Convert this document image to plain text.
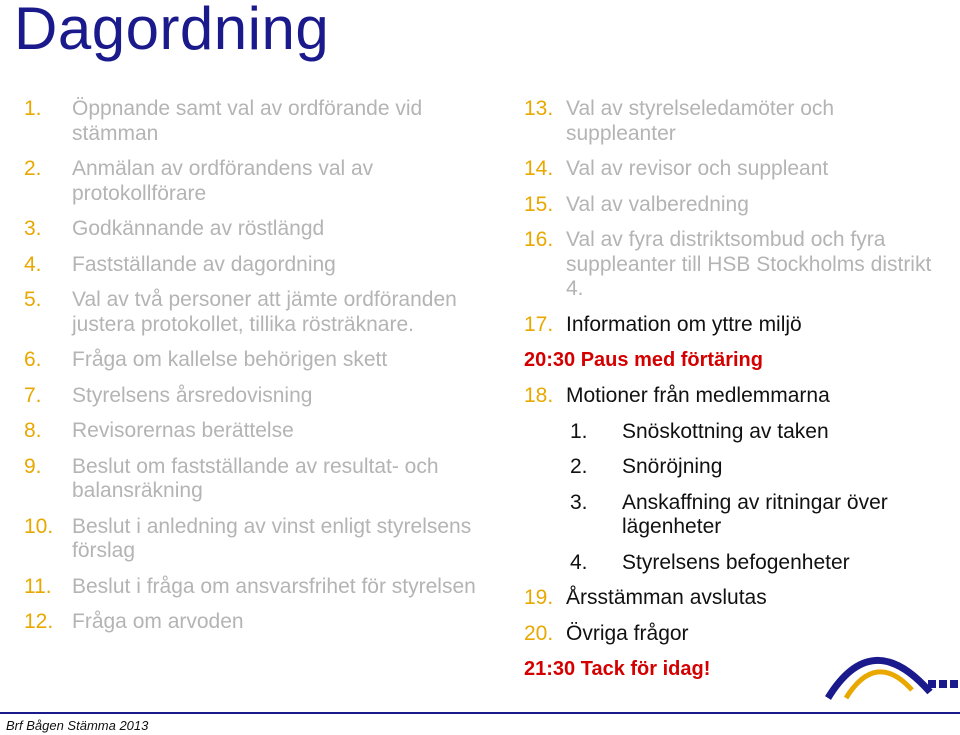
Dagordning
1.	Öppnande samt val av ordförande vid stämman
2.	Anmälan av ordförandens val av protokollförare
3.	Godkännande av röstlängd
4.	Fastställande av dagordning
5.	Val av två personer att jämte ordföranden justera protokollet, tillika rösträknare.
6.	Fråga om kallelse behörigen skett
7.	Styrelsens årsredovisning
8.	Revisorernas berättelse
9.	Beslut om fastställande av resultat- och balansräkning
10. Beslut i anledning av vinst enligt styrelsens förslag
11. Beslut i fråga om ansvarsfrihet för styrelsen
12. Fråga om arvoden
13. Val av styrelseledamöter och suppleanter
14. Val av revisor och suppleant
15. Val av valberedning
16. Val av fyra distriktsombud och fyra suppleanter till HSB Stockholms distrikt 4.
17. Information om yttre miljö
20:30 Paus med förtäring
18. Motioner från medlemmarna
1.	Snöskottning av taken
2.	Snöröjning
3.	Anskaffning av ritningar över lägenheter
4.	Styrelsens befogenheter
19. Årsstämman avslutas
20. Övriga frågor
21:30 Tack för idag!
Brf Bågen Stämma 2013
